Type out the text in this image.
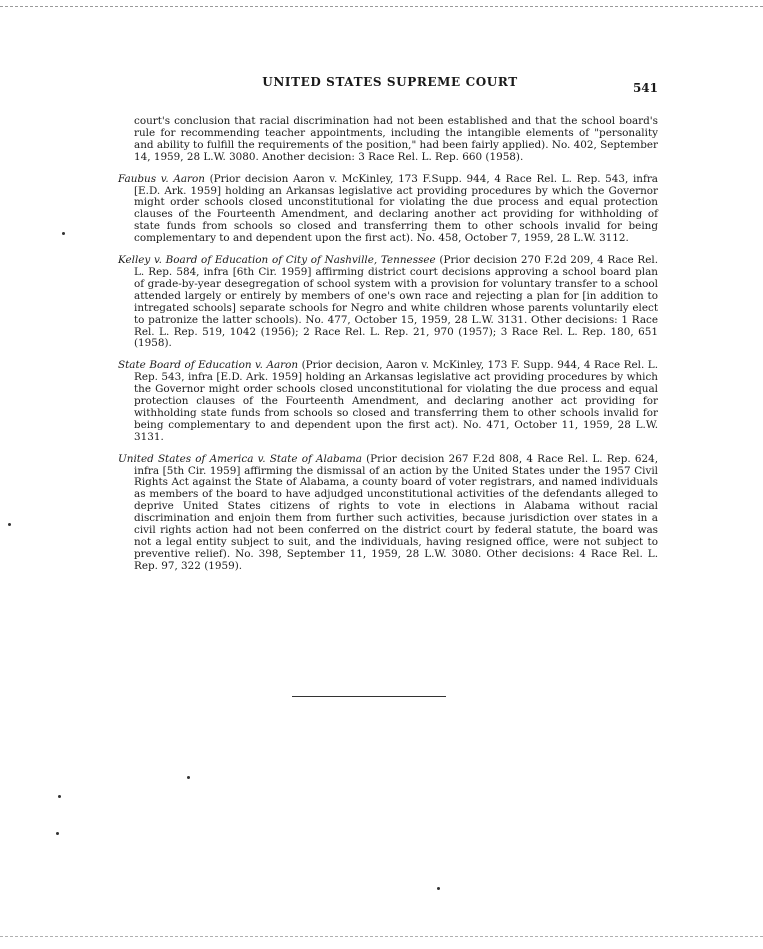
UNITED STATES SUPREME COURT	541

court's conclusion that racial discrimination had not been established and that the school board's rule for recommending teacher appointments, including the intangible elements of "personality and ability to fulfill the requirements of the position," had been fairly applied). No. 402, September 14, 1959, 28 L.W. 3080. Another decision: 3 Race Rel. L. Rep. 660 (1958).

Faubus v. Aaron (Prior decision Aaron v. McKinley, 173 F.Supp. 944, 4 Race Rel. L. Rep. 543, infra [E.D. Ark. 1959] holding an Arkansas legislative act providing procedures by which the Governor might order schools closed unconstitutional for violating the due process and equal protection clauses of the Fourteenth Amendment, and declaring another act providing for withholding of state funds from schools so closed and transferring them to other schools invalid for being complementary to and dependent upon the first act). No. 458, October 7, 1959, 28 L.W. 3112.

Kelley v. Board of Education of City of Nashville, Tennessee (Prior decision 270 F.2d 209, 4 Race Rel. L. Rep. 584, infra [6th Cir. 1959] affirming district court decisions approving a school board plan of grade-by-year desegregation of school system with a provision for voluntary transfer to a school attended largely or entirely by members of one's own race and rejecting a plan for [in addition to intregated schools] separate schools for Negro and white children whose parents voluntarily elect to patronize the latter schools). No. 477, October 15, 1959, 28 L.W. 3131. Other decisions: 1 Race Rel. L. Rep. 519, 1042 (1956); 2 Race Rel. L. Rep. 21, 970 (1957); 3 Race Rel. L. Rep. 180, 651 (1958).

State Board of Education v. Aaron (Prior decision, Aaron v. McKinley, 173 F. Supp. 944, 4 Race Rel. L. Rep. 543, infra [E.D. Ark. 1959] holding an Arkansas legislative act providing procedures by which the Governor might order schools closed unconstitutional for violating the due process and equal protection clauses of the Fourteenth Amendment, and declaring another act providing for withholding state funds from schools so closed and transferring them to other schools invalid for being complementary to and dependent upon the first act). No. 471, October 11, 1959, 28 L.W. 3131.

United States of America v. State of Alabama (Prior decision 267 F.2d 808, 4 Race Rel. L. Rep. 624, infra [5th Cir. 1959] affirming the dismissal of an action by the United States under the 1957 Civil Rights Act against the State of Alabama, a county board of voter registrars, and named individuals as members of the board to have adjudged unconstitutional activities of the defendants alleged to deprive United States citizens of rights to vote in elections in Alabama without racial discrimination and enjoin them from further such activities, because jurisdiction over states in a civil rights action had not been conferred on the district court by federal statute, the board was not a legal entity subject to suit, and the individuals, having resigned office, were not subject to preventive relief). No. 398, September 11, 1959, 28 L.W. 3080. Other decisions: 4 Race Rel. L. Rep. 97, 322 (1959).
